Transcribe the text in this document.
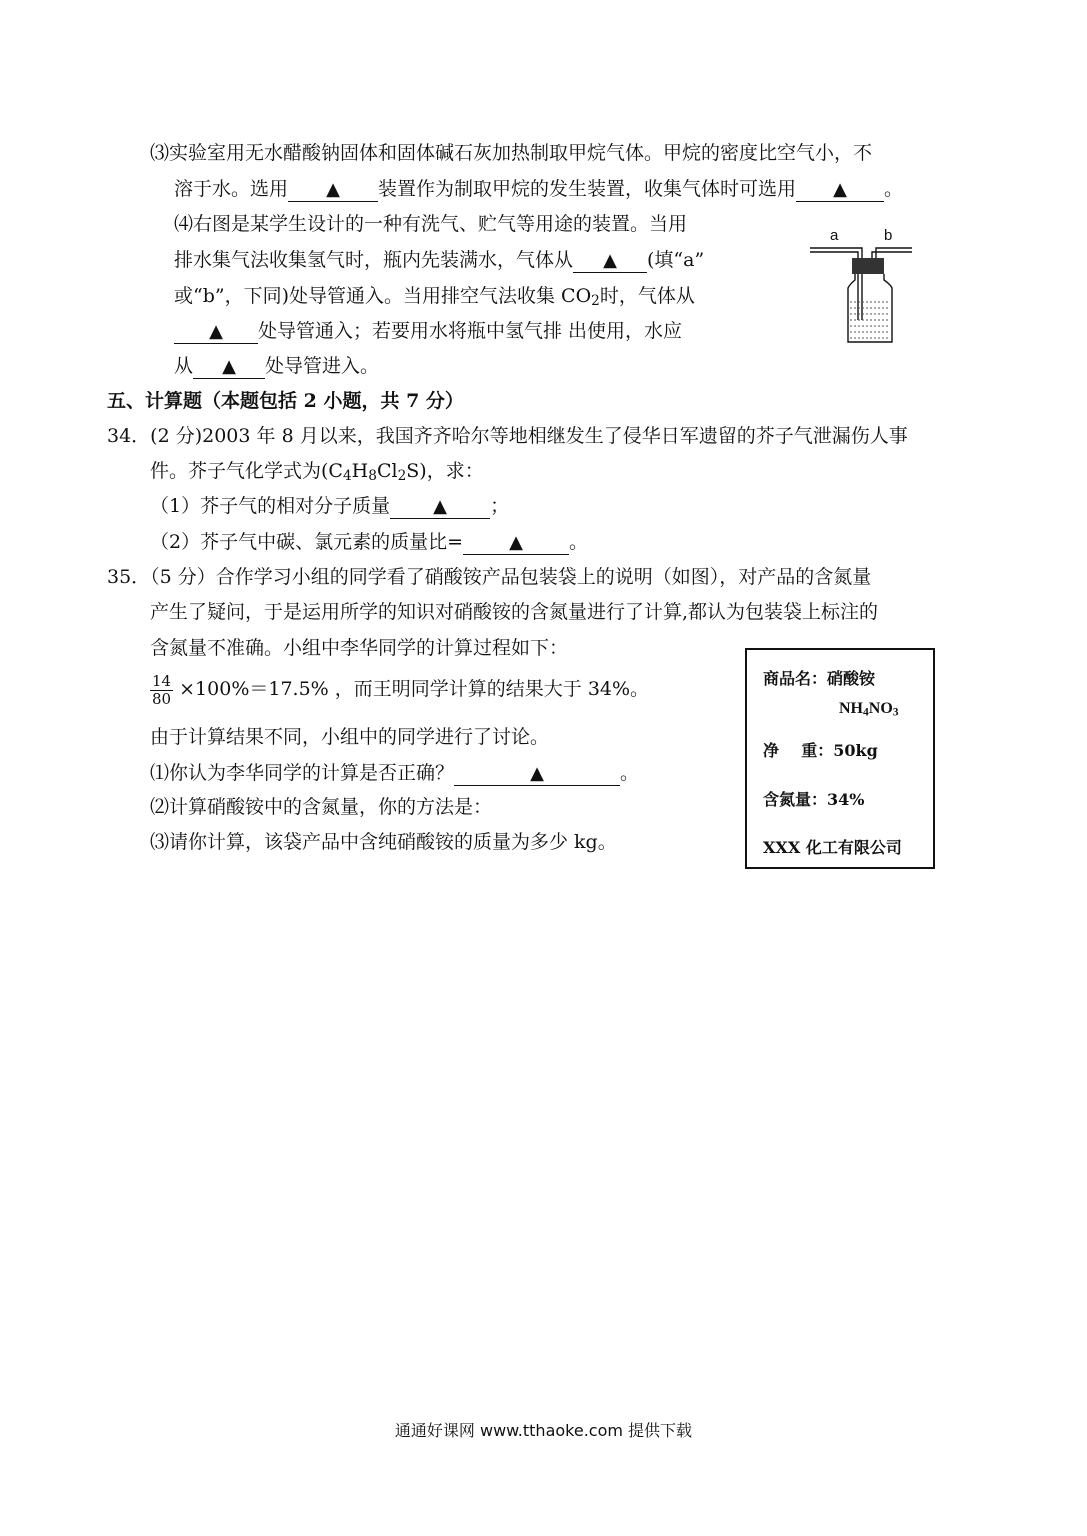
⑶实验室用无水醋酸钠固体和固体碱石灰加热制取甲烷气体。甲烷的密度比空气小，不
溶于水。选用 ▲ 装置作为制取甲烷的发生装置，收集气体时可选用 ▲ 。
⑷右图是某学生设计的一种有洗气、贮气等用途的装置。当用
排水集气法收集氢气时，瓶内先装满水，气体从 ▲ (填“a”
或“b”，下同)处导管通入。当用排空气法收集 $CO_2$时，气体从
▲ 处导管通入；若要用水将瓶中氢气排 出使用，水应
从 ▲ 处导管进入。
a	b
五、计算题（本题包括 2 小题，共 7 分）
34．(2 分)2003 年 8 月以来，我国齐齐哈尔等地相继发生了侵华日军遗留的芥子气泄漏伤人事
件。芥子气化学式为$(C_4H_8Cl_2S)$，求：
（1）芥子气的相对分子质量 ▲ ；
（2）芥子气中碳、氯元素的质量比=	▲ 。
35．（5 分）合作学习小组的同学看了硝酸铵产品包装袋上的说明（如图），对产品的含氮量
产生了疑问，于是运用所学的知识对硝酸铵的含氮量进行了计算,都认为包装袋上标注的
含氮量不准确。小组中李华同学的计算过程如下：
$\frac{14}{80} \times 100\%=17.5\%$ ，而王明同学计算的结果大于 34%。
由于计算结果不同，小组中的同学进行了讨论。
⑴你认为李华同学的计算是否正确？	▲	。
⑵计算硝酸铵中的含氮量，你的方法是：
⑶请你计算，该袋产品中含纯硝酸铵的质量为多少 kg。
商品名：硝酸铵
$NH_4NO_3$
净    重：50kg
含氮量：34%
XXX 化工有限公司
通通好课网 www.tthaoke.com 提供下载
